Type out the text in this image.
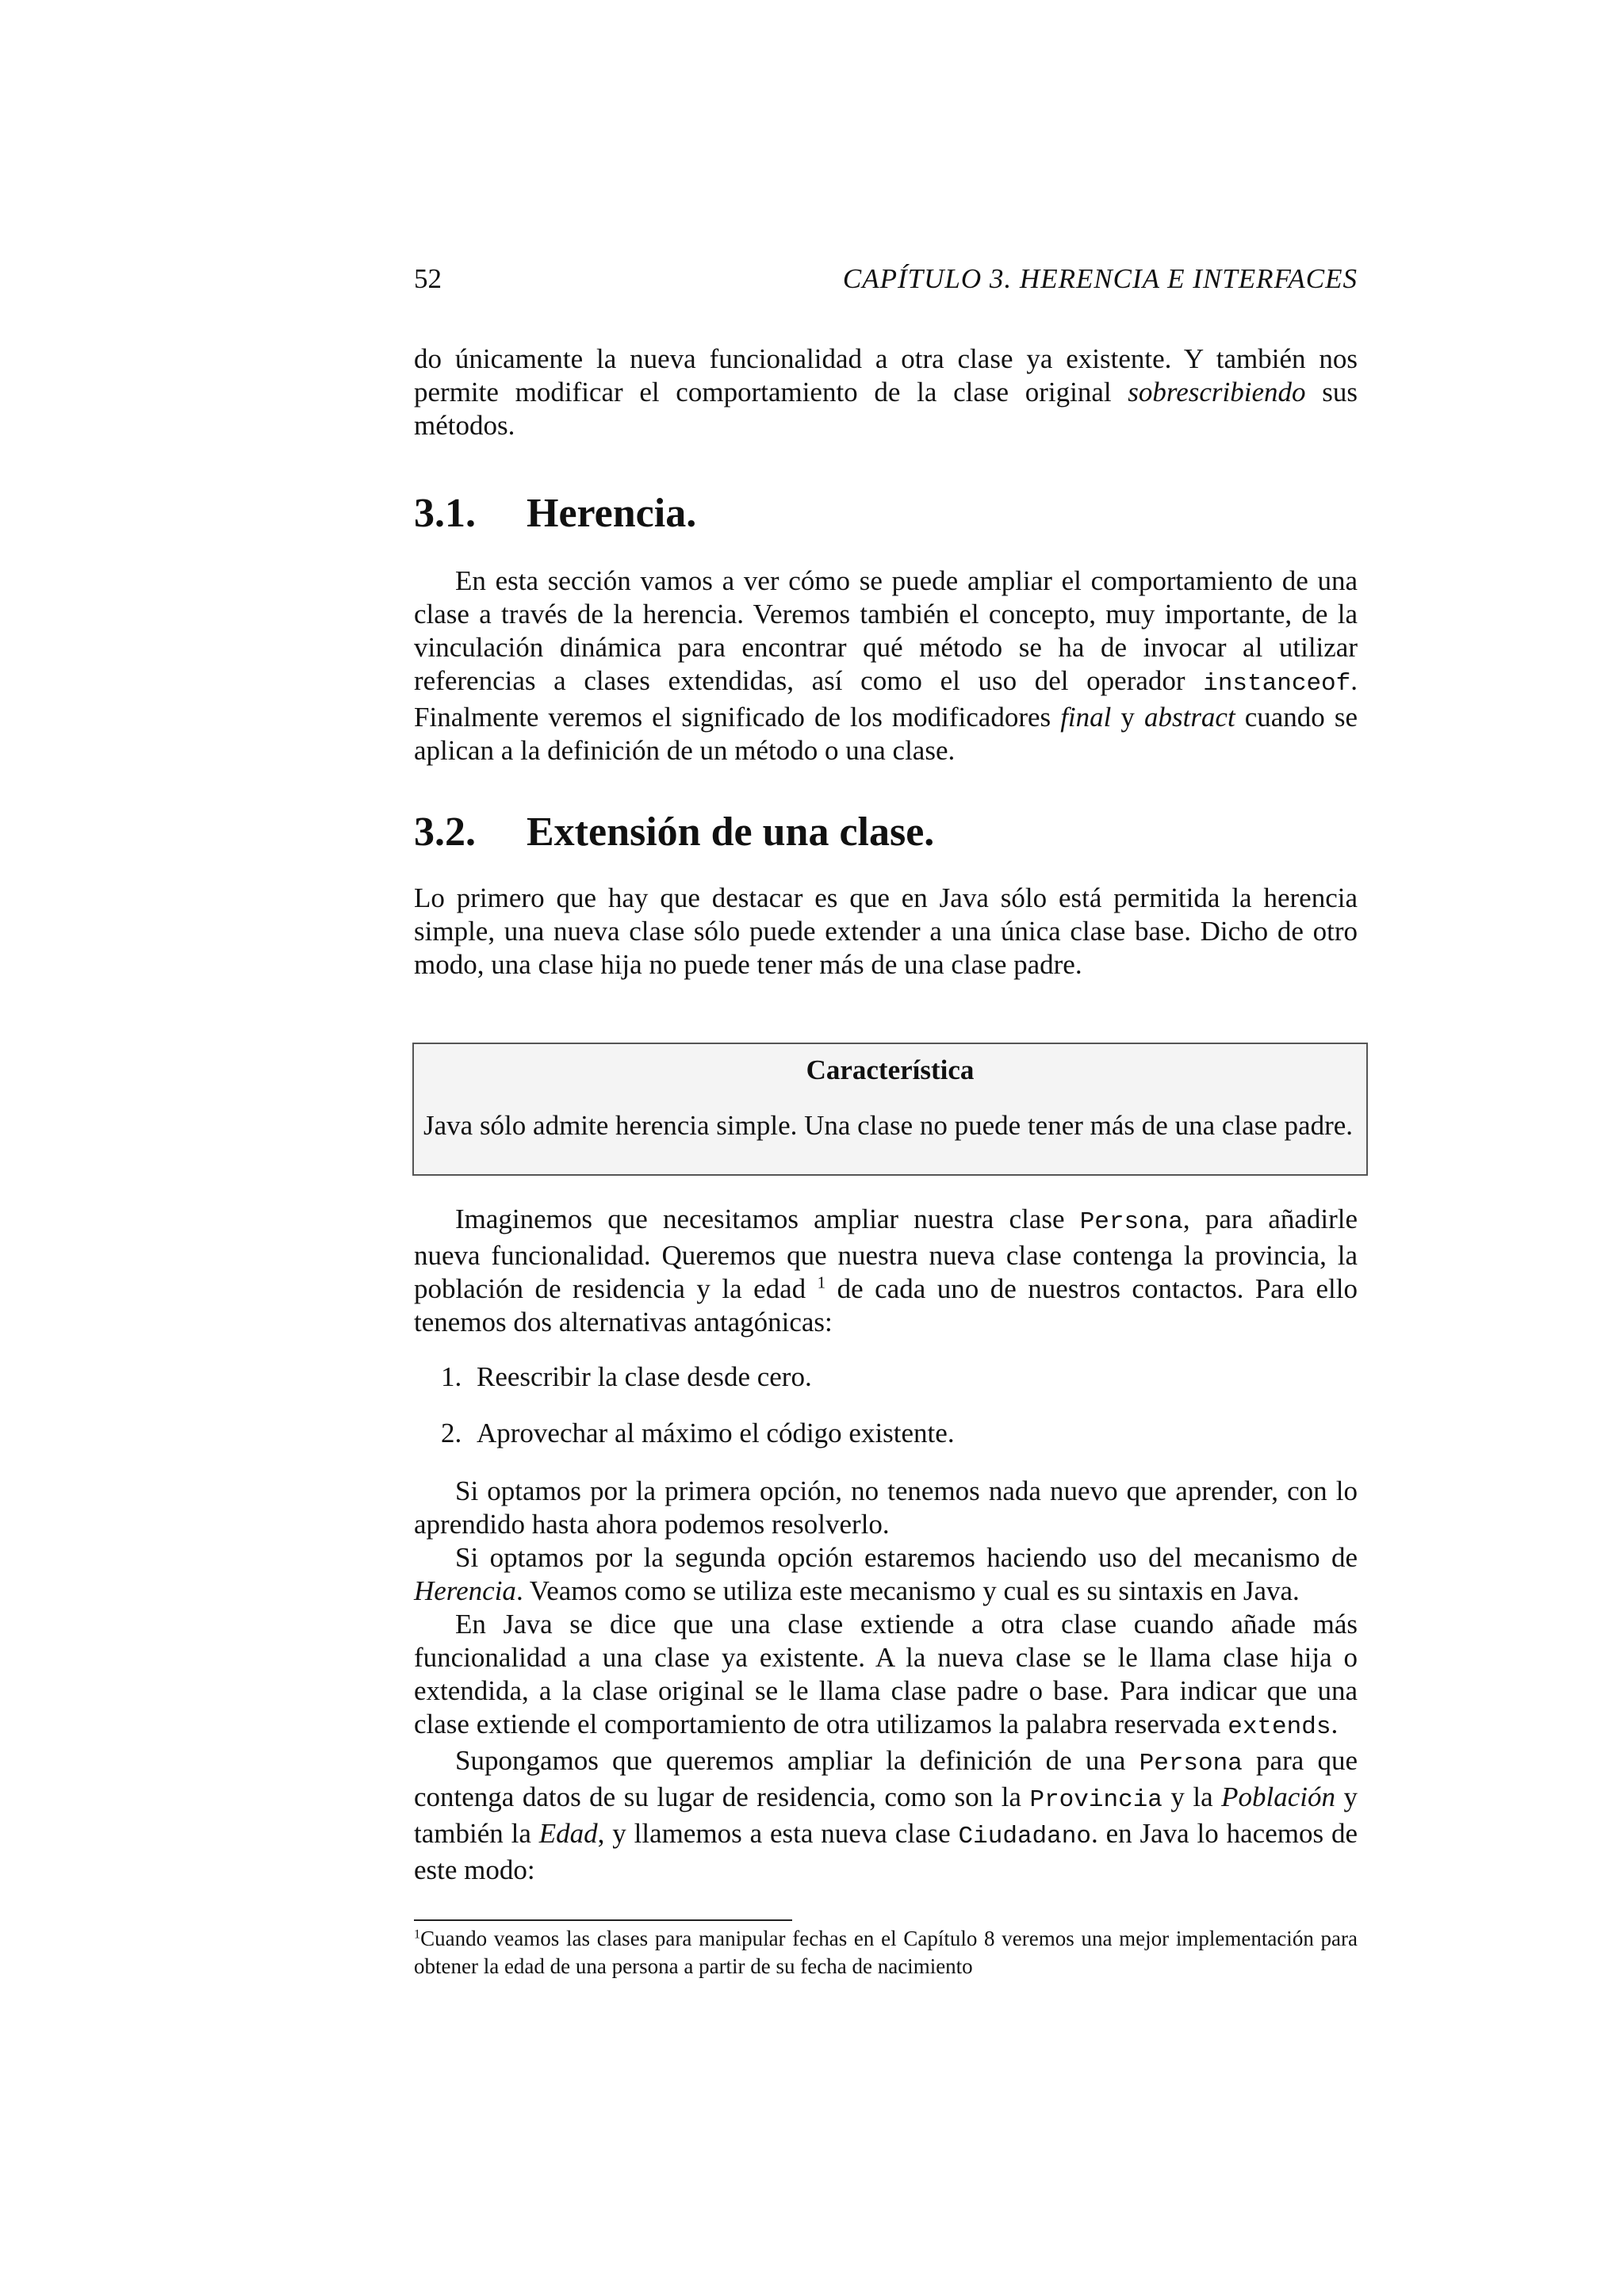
52	CAPÍTULO 3. HERENCIA E INTERFACES

do únicamente la nueva funcionalidad a otra clase ya existente. Y también nos permite modificar el comportamiento de la clase original sobrescribiendo sus métodos.

3.1. Herencia.

En esta sección vamos a ver cómo se puede ampliar el comportamiento de una clase a través de la herencia. Veremos también el concepto, muy importante, de la vinculación dinámica para encontrar qué método se ha de invocar al utilizar referencias a clases extendidas, así como el uso del operador instanceof. Finalmente veremos el significado de los modificadores final y abstract cuando se aplican a la definición de un método o una clase.

3.2. Extensión de una clase.

Lo primero que hay que destacar es que en Java sólo está permitida la herencia simple, una nueva clase sólo puede extender a una única clase base. Dicho de otro modo, una clase hija no puede tener más de una clase padre.

Característica

Java sólo admite herencia simple. Una clase no puede tener más de una clase padre.

Imaginemos que necesitamos ampliar nuestra clase Persona, para añadirle nueva funcionalidad. Queremos que nuestra nueva clase contenga la provincia, la población de residencia y la edad $^1$ de cada uno de nuestros contactos. Para ello tenemos dos alternativas antagónicas:

1. Reescribir la clase desde cero.
2. Aprovechar al máximo el código existente.

Si optamos por la primera opción, no tenemos nada nuevo que aprender, con lo aprendido hasta ahora podemos resolverlo.

Si optamos por la segunda opción estaremos haciendo uso del mecanismo de Herencia. Veamos como se utiliza este mecanismo y cual es su sintaxis en Java.

En Java se dice que una clase extiende a otra clase cuando añade más funcionalidad a una clase ya existente. A la nueva clase se le llama clase hija o extendida, a la clase original se le llama clase padre o base. Para indicar que una clase extiende el comportamiento de otra utilizamos la palabra reservada extends.

Supongamos que queremos ampliar la definición de una Persona para que contenga datos de su lugar de residencia, como son la Provincia y la Población y también la Edad, y llamemos a esta nueva clase Ciudadano. en Java lo hacemos de este modo:

$^1$Cuando veamos las clases para manipular fechas en el Capítulo 8 veremos una mejor implementación para obtener la edad de una persona a partir de su fecha de nacimiento
